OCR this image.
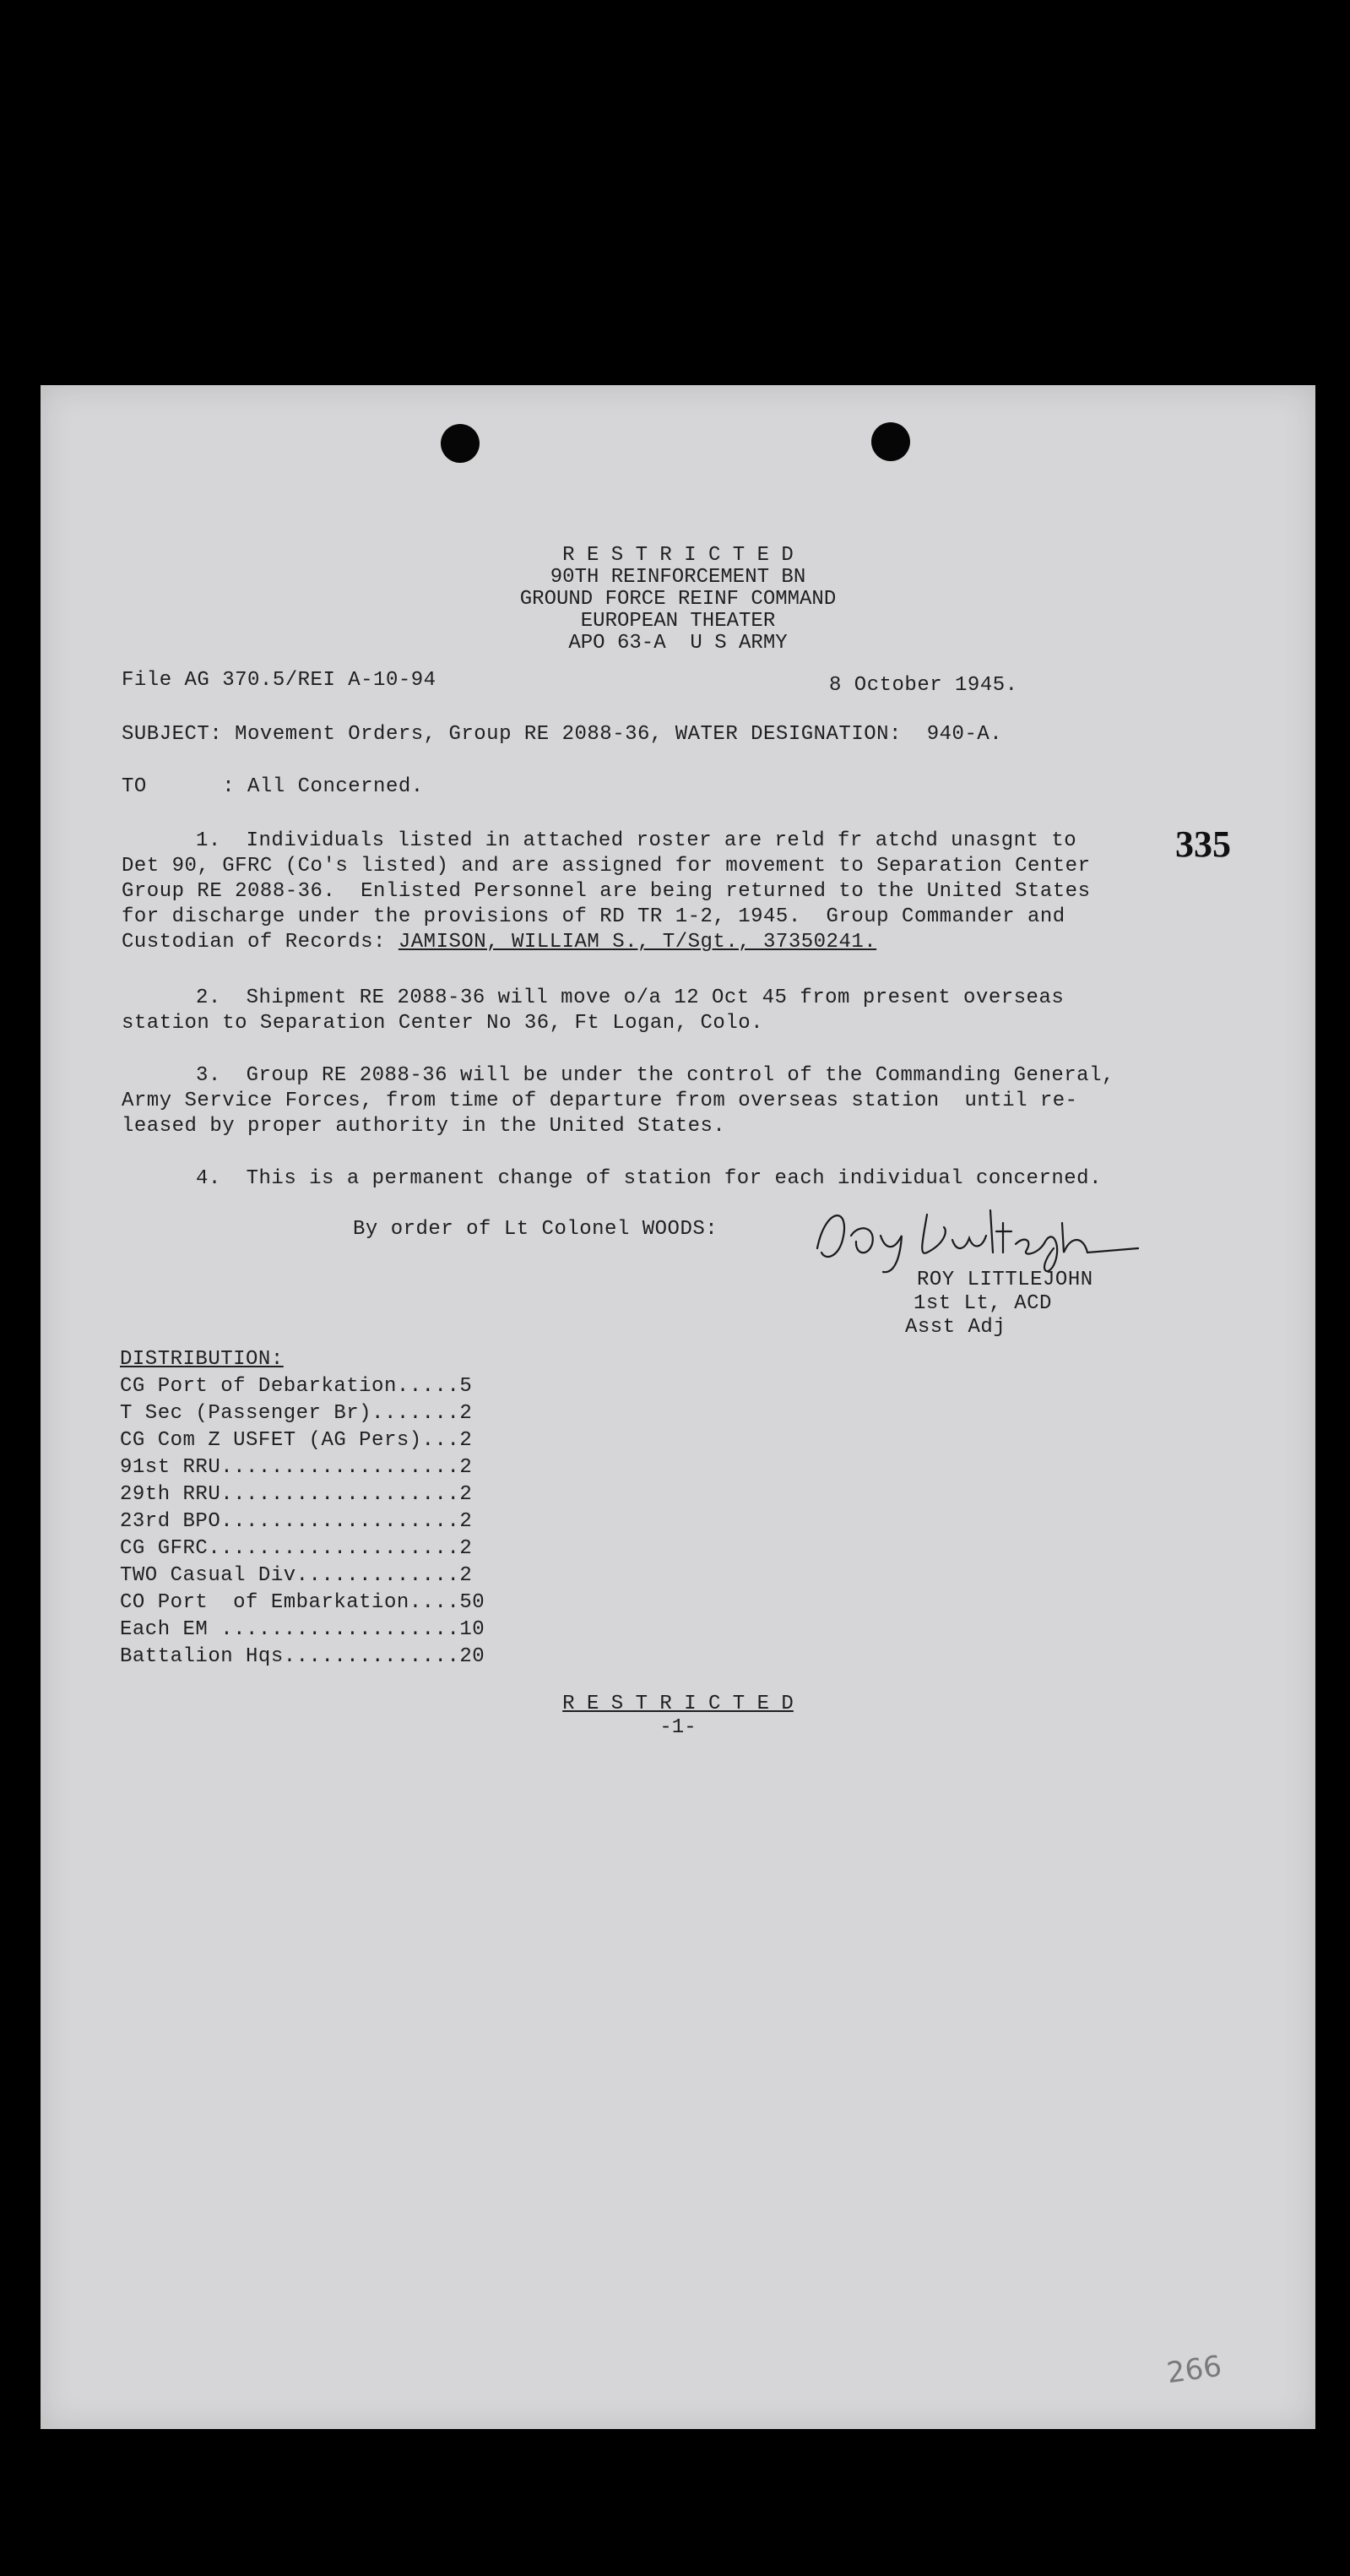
R E S T R I C T E D
90TH REINFORCEMENT BN
GROUND FORCE REINF COMMAND
EUROPEAN THEATER
APO 63-A  U S ARMY
File AG 370.5/REI A-10-94	8 October 1945.
SUBJECT: Movement Orders, Group RE 2088-36, WATER DESIGNATION:  940-A.
TO      : All Concerned.
335
1.  Individuals listed in attached roster are reld fr atchd unasgnt to
Det 90, GFRC (Co's listed) and are assigned for movement to Separation Center
Group RE 2088-36.  Enlisted Personnel are being returned to the United States
for discharge under the provisions of RD TR 1-2, 1945.  Group Commander and
Custodian of Records: JAMISON, WILLIAM S., T/Sgt., 37350241.
2.  Shipment RE 2088-36 will move o/a 12 Oct 45 from present overseas
station to Separation Center No 36, Ft Logan, Colo.
3.  Group RE 2088-36 will be under the control of the Commanding General,
Army Service Forces, from time of departure from overseas station  until re-
leased by proper authority in the United States.
4.  This is a permanent change of station for each individual concerned.
By order of Lt Colonel WOODS:
ROY LITTLEJOHN
1st Lt, ACD
Asst Adj
DISTRIBUTION:
CG Port of Debarkation.....5
T Sec (Passenger Br).......2
CG Com Z USFET (AG Pers)...2
91st RRU...................2
29th RRU...................2
23rd BPO...................2
CG GFRC....................2
TWO Casual Div.............2
CO Port  of Embarkation....50
Each EM ...................10
Battalion Hqs..............20
R E S T R I C T E D
-1-
266
